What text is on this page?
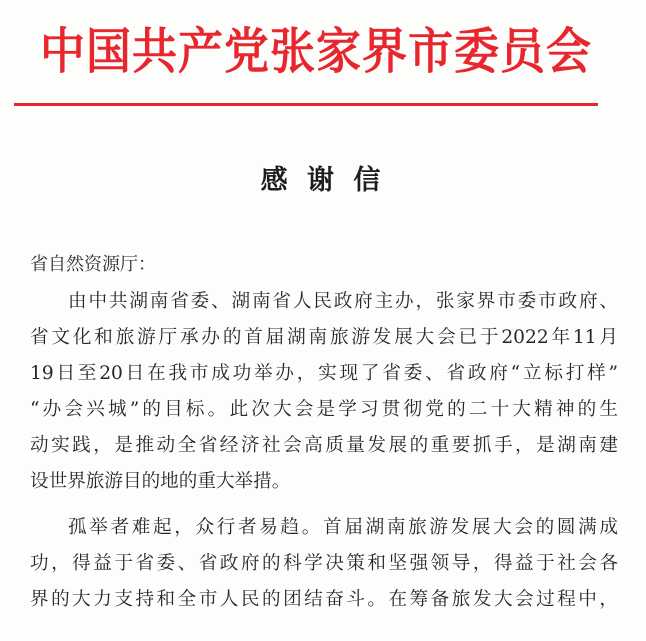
中国共产党张家界市委员会
感 谢 信
省自然资源厅：
由中共湖南省委、湖南省人民政府主办，张家界市委市政府、
省文化和旅游厅承办的首届湖南旅游发展大会已于2022年11月
19日至20日在我市成功举办，实现了省委、省政府“立标打样”
“办会兴城”的目标。此次大会是学习贯彻党的二十大精神的生
动实践，是推动全省经济社会高质量发展的重要抓手，是湖南建
设世界旅游目的地的重大举措。
孤举者难起，众行者易趋。首届湖南旅游发展大会的圆满成
功，得益于省委、省政府的科学决策和坚强领导，得益于社会各
界的大力支持和全市人民的团结奋斗。在筹备旅发大会过程中，
